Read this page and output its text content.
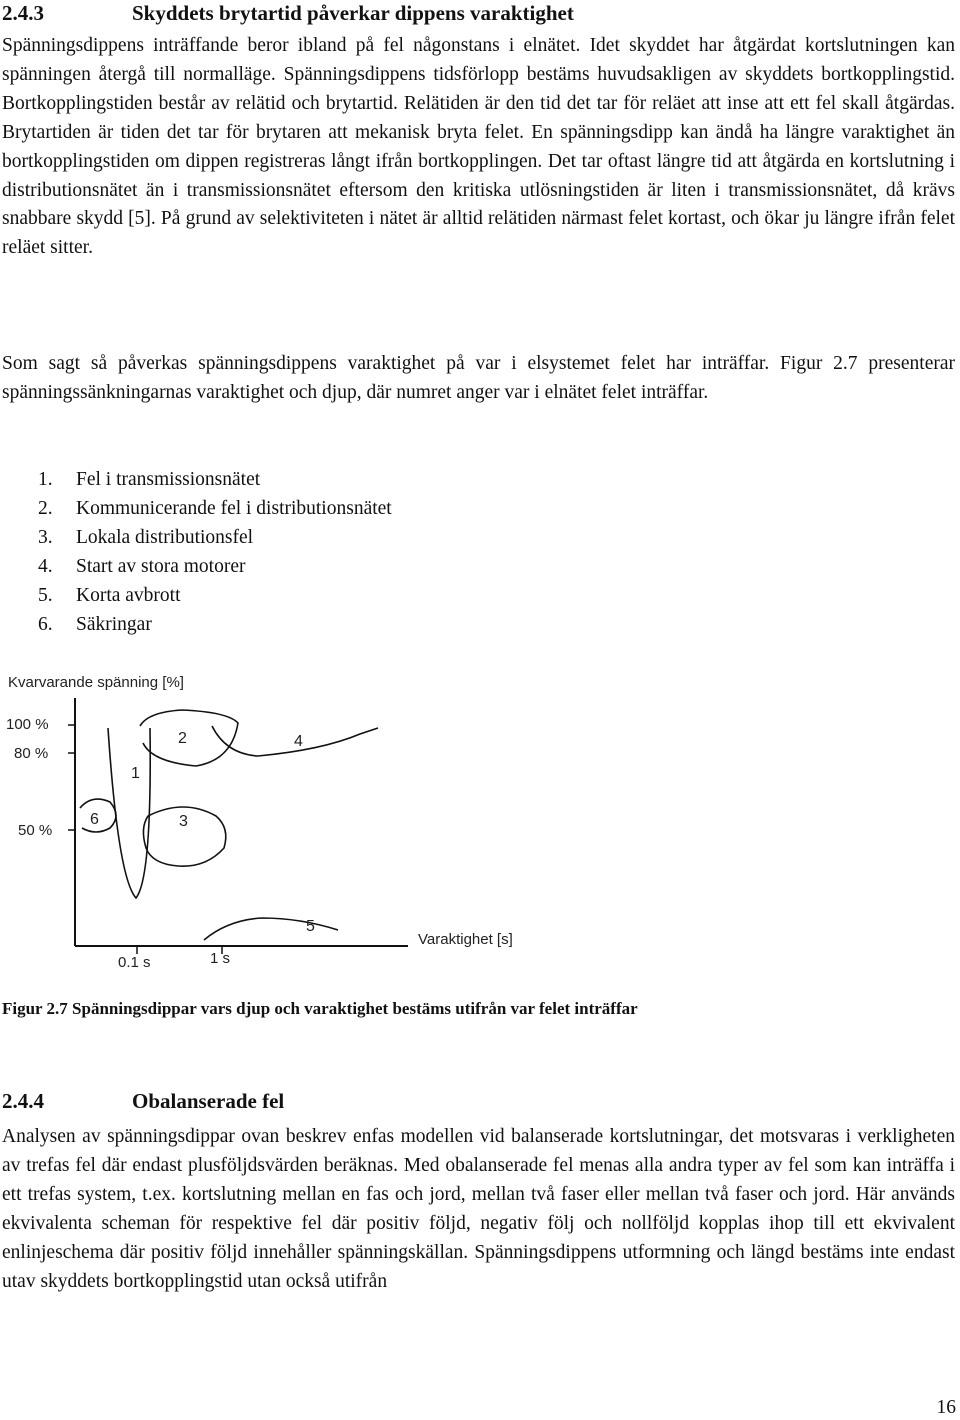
2.4.3	Skyddets brytartid påverkar dippens varaktighet
Spänningsdippens inträffande beror ibland på fel någonstans i elnätet. Idet skyddet har åtgärdat kortslutningen kan spänningen återgå till normalläge. Spänningsdippens tidsförlopp bestäms huvudsakligen av skyddets bortkopplingstid. Bortkopplingstiden består av relätid och brytartid. Relätiden är den tid det tar för reläet att inse att ett fel skall åtgärdas. Brytartiden är tiden det tar för brytaren att mekanisk bryta felet. En spänningsdipp kan ändå ha längre varaktighet än bortkopplingstiden om dippen registreras långt ifrån bortkopplingen. Det tar oftast längre tid att åtgärda en kortslutning i distributionsnätet än i transmissionsnätet eftersom den kritiska utlösningstiden är liten i transmissionsnätet, då krävs snabbare skydd [5]. På grund av selektiviteten i nätet är alltid relätiden närmast felet kortast, och ökar ju längre ifrån felet reläet sitter.
Som sagt så påverkas spänningsdippens varaktighet på var i elsystemet felet har inträffar. Figur 2.7 presenterar spänningssänkningarnas varaktighet och djup, där numret anger var i elnätet felet inträffar.
1. Fel i transmissionsnätet
2. Kommunicerande fel i distributionsnätet
3. Lokala distributionsfel
4. Start av stora motorer
5. Korta avbrott
6. Säkringar
Kvarvarande spänning [%]
100 %
80 %
50 %
Varaktighet [s]
0.1 s	1 s
1
2
3
4
5
6
Figur 2.7 Spänningsdippar vars djup och varaktighet bestäms utifrån var felet inträffar
2.4.4	Obalanserade fel
Analysen av spänningsdippar ovan beskrev enfas modellen vid balanserade kortslutningar, det motsvaras i verkligheten av trefas fel där endast plusföljdsvärden beräknas. Med obalanserade fel menas alla andra typer av fel som kan inträffa i ett trefas system, t.ex. kortslutning mellan en fas och jord, mellan två faser eller mellan två faser och jord. Här används ekvivalenta scheman för respektive fel där positiv följd, negativ följ och nollföljd kopplas ihop till ett ekvivalent enlinjeschema där positiv följd innehåller spänningskällan. Spänningsdippens utformning och längd bestäms inte endast utav skyddets bortkopplingstid utan också utifrån
16
